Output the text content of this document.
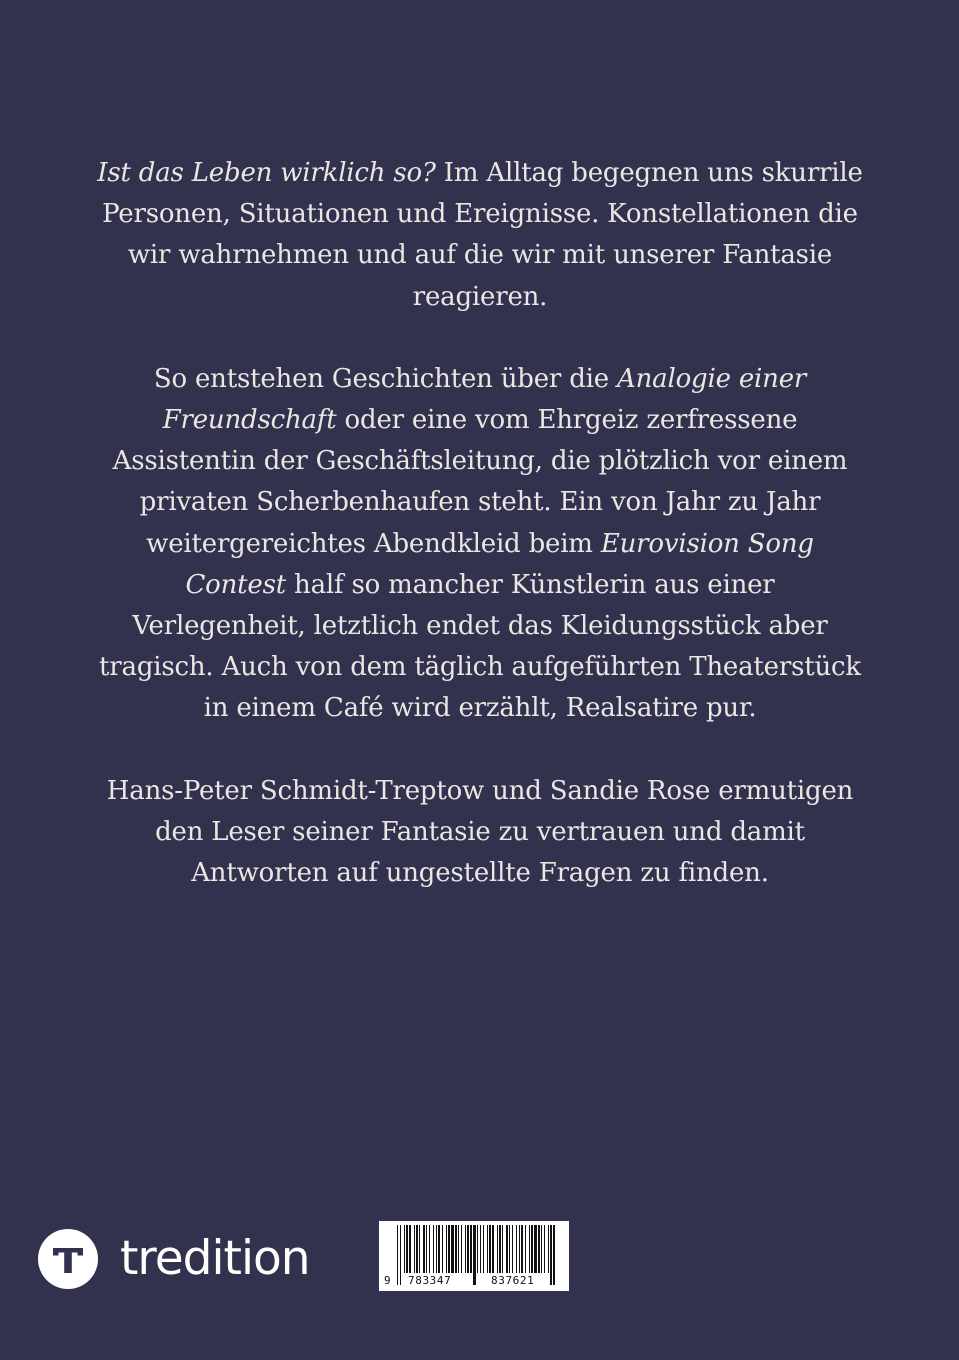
Ist das Leben wirklich so? Im Alltag begegnen uns skurrile Personen, Situationen und Ereignisse. Konstellationen die wir wahrnehmen und auf die wir mit unserer Fantasie reagieren.

So entstehen Geschichten über die Analogie einer Freundschaft oder eine vom Ehrgeiz zerfressene Assistentin der Geschäftsleitung, die plötzlich vor einem privaten Scherbenhaufen steht. Ein von Jahr zu Jahr weitergereichtes Abendkleid beim Eurovision Song Contest half so mancher Künstlerin aus einer Verlegenheit, letztlich endet das Kleidungsstück aber tragisch. Auch von dem täglich aufgeführten Theaterstück in einem Café wird erzählt, Realsatire pur.

Hans-Peter Schmidt-Treptow und Sandie Rose ermutigen den Leser seiner Fantasie zu vertrauen und damit Antworten auf ungestellte Fragen zu finden.

tredition	9 783347	837621
